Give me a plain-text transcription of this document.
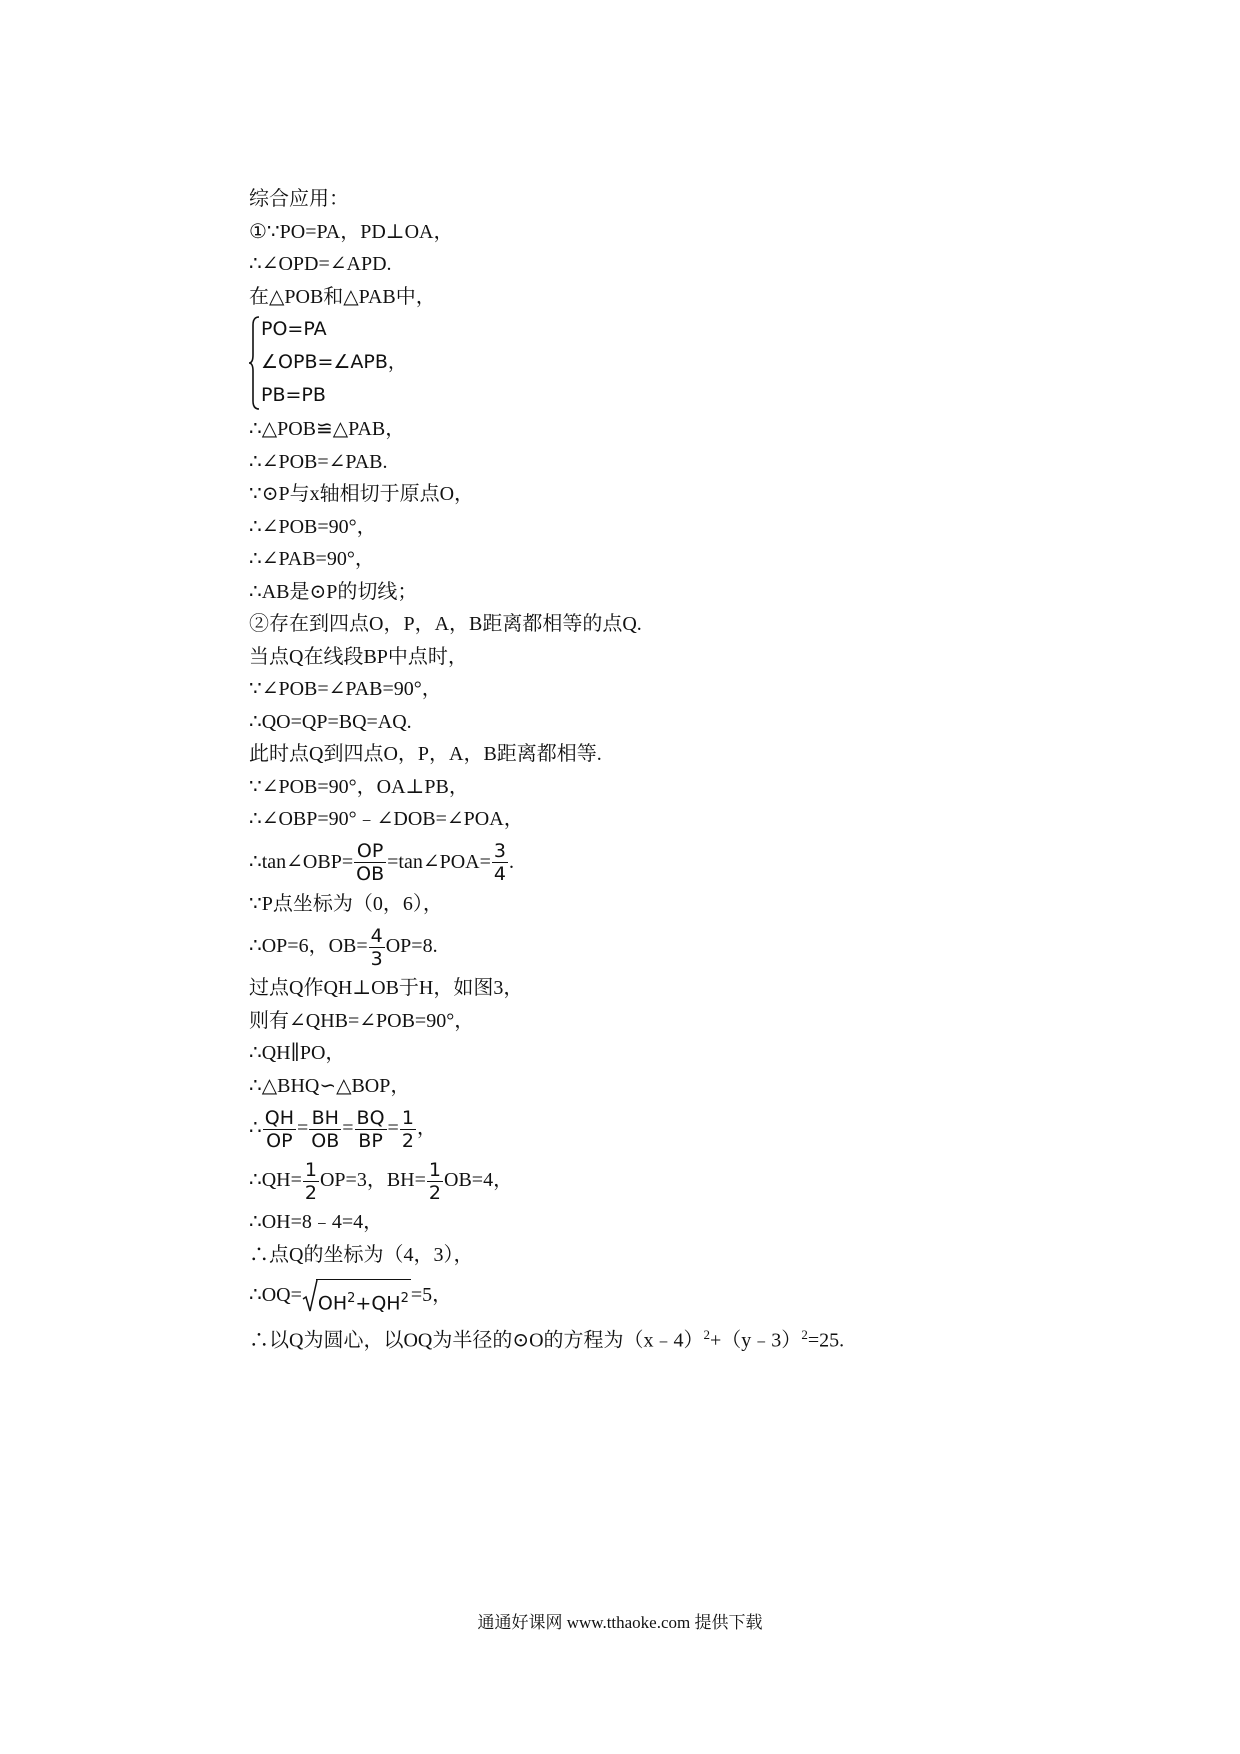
综合应用：
①∵PO=PA，PD⊥OA，
∴∠OPD=∠APD.
在△POB和△PAB中，
PO=PA
∠OPB=∠APB，
PB=PB
∴△POB≌△PAB，
∴∠POB=∠PAB.
∵⊙P与x轴相切于原点O，
∴∠POB=90°，
∴∠PAB=90°，
∴AB是⊙P的切线；
②存在到四点O，P，A，B距离都相等的点Q.
当点Q在线段BP中点时，
∵∠POB=∠PAB=90°，
∴QO=QP=BQ=AQ.
此时点Q到四点O，P，A，B距离都相等.
∵∠POB=90°，OA⊥PB，
∴∠OBP=90°﹣∠DOB=∠POA，
∴tan∠OBP= $\frac{OP}{OB}$ =tan∠POA= $\frac{3}{4}$ .
∵P点坐标为（0，6），
∴OP=6，$OB= \frac{4}{3} OP=8$.
过点Q作QH⊥OB于H，如图3，
则有∠QHB=∠POB=90°，
∴QH∥PO，
∴△BHQ∽△BOP，
∴ $\frac{QH}{OP} = \frac{BH}{OB} = \frac{BQ}{BP} = \frac{1}{2}$ ，
∴QH= $\frac{1}{2} OP=3$，$BH= \frac{1}{2} OB=4$，
∴OH=8﹣4=4，
∴点Q的坐标为（4，3），
∴OQ= $OH^2+QH^2 =5$，
∴以Q为圆心，以OQ为半径的⊙O的方程为（x﹣4）$^2$+（y﹣3）$^2$=25.
通通好课网 www.tthaoke.com 提供下载
